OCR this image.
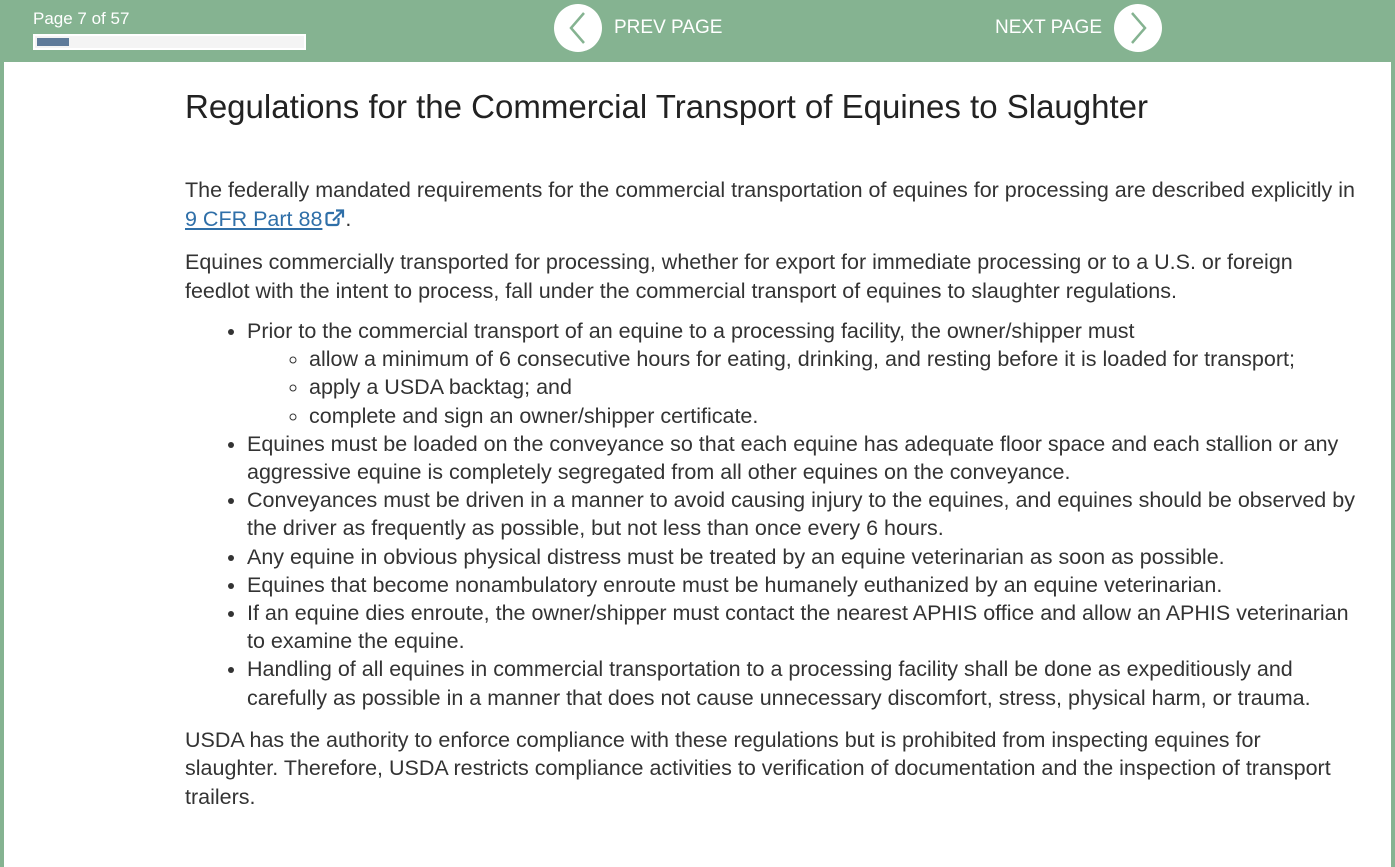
Page 7 of 57	PREV PAGE	NEXT PAGE
Regulations for the Commercial Transport of Equines to Slaughter

The federally mandated requirements for the commercial transportation of equines for processing are described explicitly in 9 CFR Part 88 .

Equines commercially transported for processing, whether for export for immediate processing or to a U.S. or foreign feedlot with the intent to process, fall under the commercial transport of equines to slaughter regulations.

• Prior to the commercial transport of an equine to a processing facility, the owner/shipper must
◦ allow a minimum of 6 consecutive hours for eating, drinking, and resting before it is loaded for transport;
◦ apply a USDA backtag; and
◦ complete and sign an owner/shipper certificate.
• Equines must be loaded on the conveyance so that each equine has adequate floor space and each stallion or any aggressive equine is completely segregated from all other equines on the conveyance.
• Conveyances must be driven in a manner to avoid causing injury to the equines, and equines should be observed by the driver as frequently as possible, but not less than once every 6 hours.
• Any equine in obvious physical distress must be treated by an equine veterinarian as soon as possible.
• Equines that become nonambulatory enroute must be humanely euthanized by an equine veterinarian.
• If an equine dies enroute, the owner/shipper must contact the nearest APHIS office and allow an APHIS veterinarian to examine the equine.
• Handling of all equines in commercial transportation to a processing facility shall be done as expeditiously and carefully as possible in a manner that does not cause unnecessary discomfort, stress, physical harm, or trauma.

USDA has the authority to enforce compliance with these regulations but is prohibited from inspecting equines for slaughter. Therefore, USDA restricts compliance activities to verification of documentation and the inspection of transport trailers.
